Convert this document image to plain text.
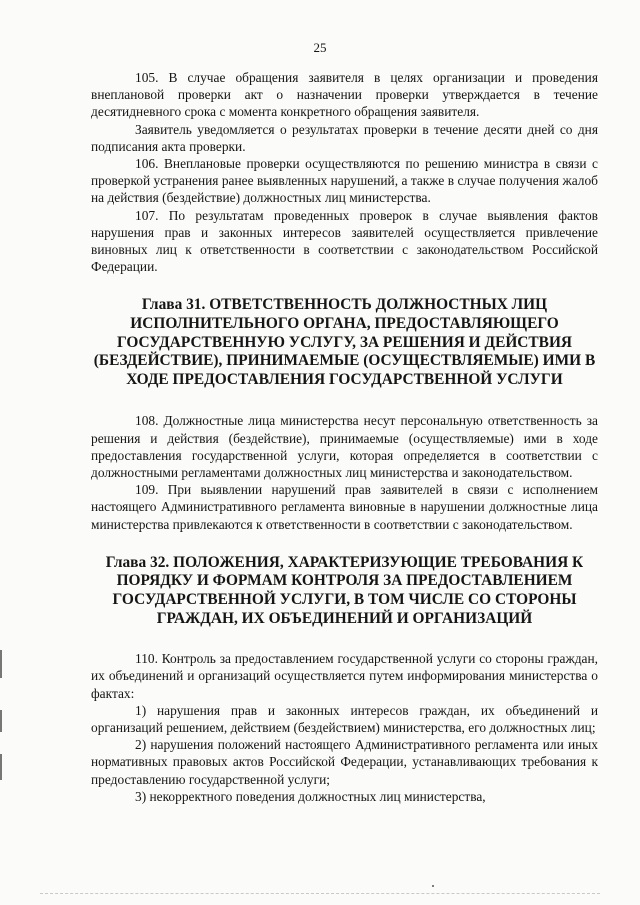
25

105. В случае обращения заявителя в целях организации и проведения внеплановой проверки акт о назначении проверки утверждается в течение десятидневного срока с момента конкретного обращения заявителя.

Заявитель уведомляется о результатах проверки в течение десяти дней со дня подписания акта проверки.

106. Внеплановые проверки осуществляются по решению министра в связи с проверкой устранения ранее выявленных нарушений, а также в случае получения жалоб на действия (бездействие) должностных лиц министерства.

107. По результатам проведенных проверок в случае выявления фактов нарушения прав и законных интересов заявителей осуществляется привлечение виновных лиц к ответственности в соответствии с законодательством Российской Федерации.

Глава 31. ОТВЕТСТВЕННОСТЬ ДОЛЖНОСТНЫХ ЛИЦ ИСПОЛНИТЕЛЬНОГО ОРГАНА, ПРЕДОСТАВЛЯЮЩЕГО ГОСУДАРСТВЕННУЮ УСЛУГУ, ЗА РЕШЕНИЯ И ДЕЙСТВИЯ (БЕЗДЕЙСТВИЕ), ПРИНИМАЕМЫЕ (ОСУЩЕСТВЛЯЕМЫЕ) ИМИ В ХОДЕ ПРЕДОСТАВЛЕНИЯ ГОСУДАРСТВЕННОЙ УСЛУГИ

108. Должностные лица министерства несут персональную ответственность за решения и действия (бездействие), принимаемые (осуществляемые) ими в ходе предоставления государственной услуги, которая определяется в соответствии с должностными регламентами должностных лиц министерства и законодательством.

109. При выявлении нарушений прав заявителей в связи с исполнением настоящего Административного регламента виновные в нарушении должностные лица министерства привлекаются к ответственности в соответствии с законодательством.

Глава 32. ПОЛОЖЕНИЯ, ХАРАКТЕРИЗУЮЩИЕ ТРЕБОВАНИЯ К ПОРЯДКУ И ФОРМАМ КОНТРОЛЯ ЗА ПРЕДОСТАВЛЕНИЕМ ГОСУДАРСТВЕННОЙ УСЛУГИ, В ТОМ ЧИСЛЕ СО СТОРОНЫ ГРАЖДАН, ИХ ОБЪЕДИНЕНИЙ И ОРГАНИЗАЦИЙ

110. Контроль за предоставлением государственной услуги со стороны граждан, их объединений и организаций осуществляется путем информирования министерства о фактах:

1) нарушения прав и законных интересов граждан, их объединений и организаций решением, действием (бездействием) министерства, его должностных лиц;

2) нарушения положений настоящего Административного регламента или иных нормативных правовых актов Российской Федерации, устанавливающих требования к предоставлению государственной услуги;

3) некорректного поведения должностных лиц министерства,
